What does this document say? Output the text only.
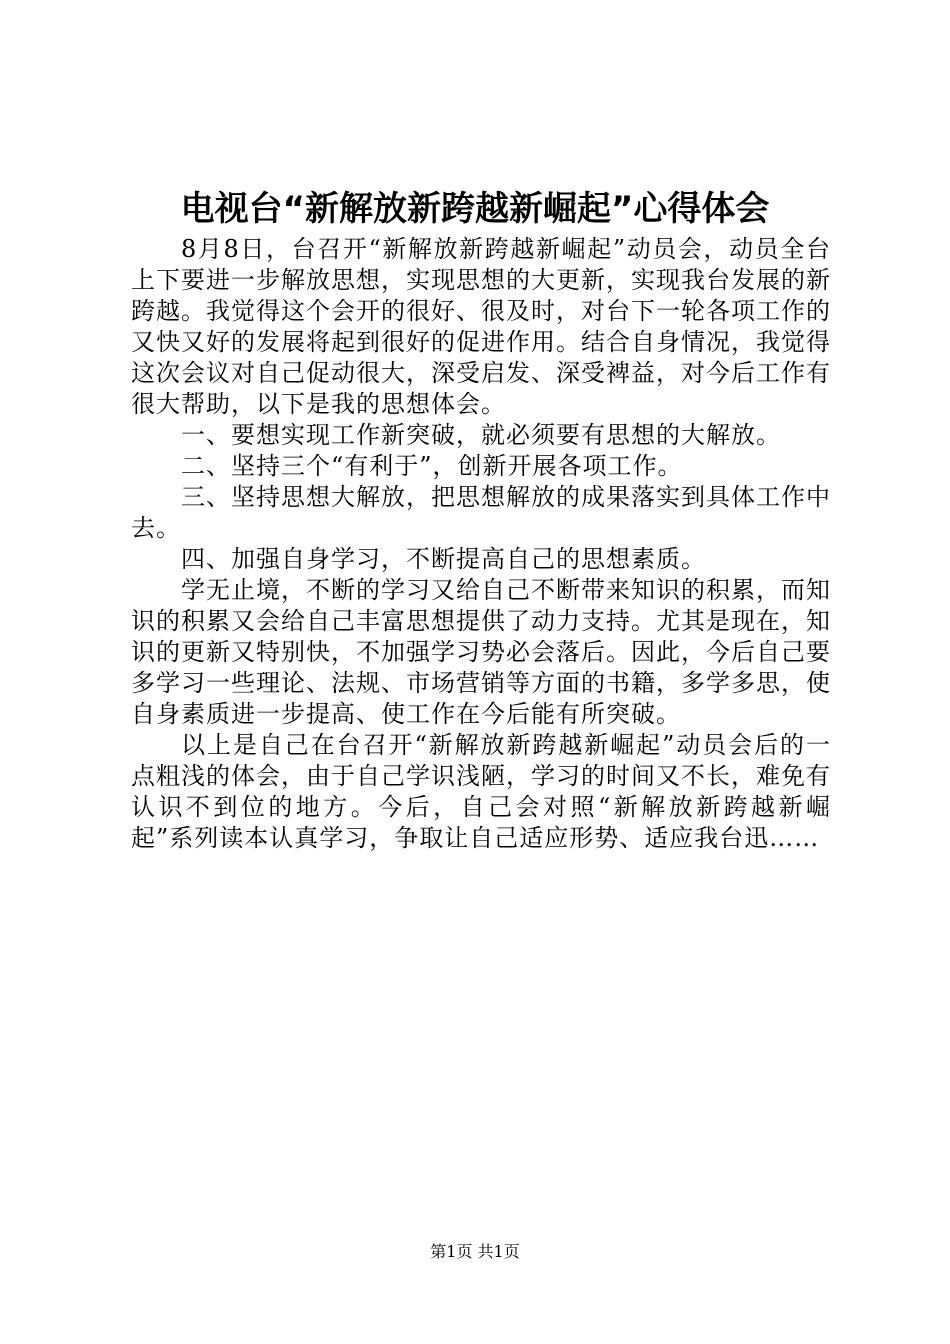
电视台“新解放新跨越新崛起”心得体会

8月8日，台召开“新解放新跨越新崛起”动员会，动员全台上下要进一步解放思想，实现思想的大更新，实现我台发展的新跨越。我觉得这个会开的很好、很及时，对台下一轮各项工作的又快又好的发展将起到很好的促进作用。结合自身情况，我觉得这次会议对自己促动很大，深受启发、深受裨益，对今后工作有很大帮助，以下是我的思想体会。

一、要想实现工作新突破，就必须要有思想的大解放。

二、坚持三个“有利于”，创新开展各项工作。

三、坚持思想大解放，把思想解放的成果落实到具体工作中去。

四、加强自身学习，不断提高自己的思想素质。

学无止境，不断的学习又给自己不断带来知识的积累，而知识的积累又会给自己丰富思想提供了动力支持。尤其是现在，知识的更新又特别快，不加强学习势必会落后。因此，今后自己要多学习一些理论、法规、市场营销等方面的书籍，多学多思，使自身素质进一步提高、使工作在今后能有所突破。

以上是自己在台召开“新解放新跨越新崛起”动员会后的一点粗浅的体会，由于自己学识浅陋，学习的时间又不长，难免有认识不到位的地方。今后，自己会对照“新解放新跨越新崛起”系列读本认真学习，争取让自己适应形势、适应我台迅……

第1页 共1页
